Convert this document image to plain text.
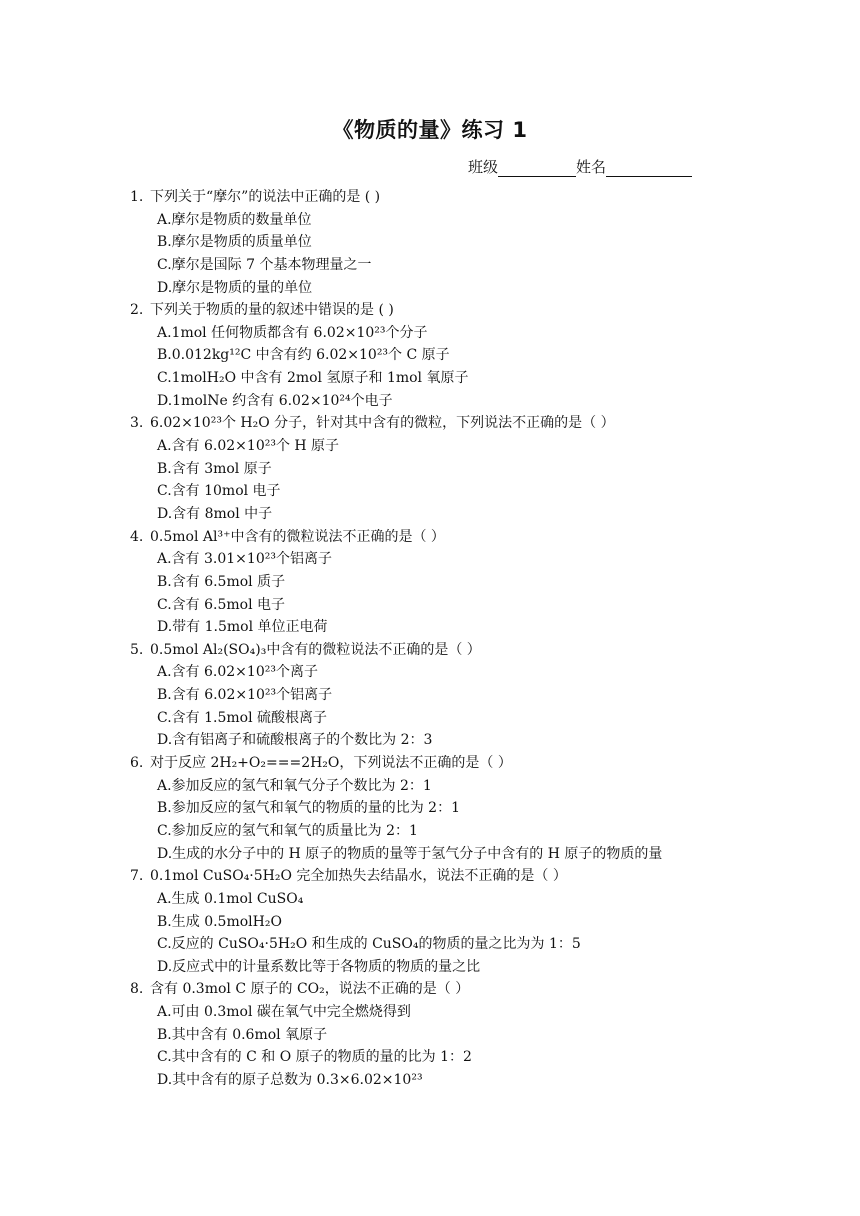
《物质的量》练习 1
班级	姓名
1. 下列关于“摩尔”的说法中正确的是 ( )
A.摩尔是物质的数量单位
B.摩尔是物质的质量单位
C.摩尔是国际 7 个基本物理量之一
D.摩尔是物质的量的单位
2. 下列关于物质的量的叙述中错误的是 ( )
A.1mol 任何物质都含有 6.02×10²³个分子
B.0.012kg¹²C 中含有约 6.02×10²³个 C 原子
C.1molH₂O 中含有 2mol 氢原子和 1mol 氧原子
D.1molNe 约含有 6.02×10²⁴个电子
3. 6.02×10²³个 H₂O 分子，针对其中含有的微粒，下列说法不正确的是（ ）
A.含有 6.02×10²³个 H 原子
B.含有 3mol 原子
C.含有 10mol 电子
D.含有 8mol 中子
4. 0.5mol Al³⁺中含有的微粒说法不正确的是（ ）
A.含有 3.01×10²³个铝离子
B.含有 6.5mol 质子
C.含有 6.5mol 电子
D.带有 1.5mol 单位正电荷
5. 0.5mol Al₂(SO₄)₃中含有的微粒说法不正确的是（ ）
A.含有 6.02×10²³个离子
B.含有 6.02×10²³个铝离子
C.含有 1.5mol 硫酸根离子
D.含有铝离子和硫酸根离子的个数比为 2：3
6. 对于反应 2H₂+O₂===2H₂O，下列说法不正确的是（ ）
A.参加反应的氢气和氧气分子个数比为 2：1
B.参加反应的氢气和氧气的物质的量的比为 2：1
C.参加反应的氢气和氧气的质量比为 2：1
D.生成的水分子中的 H 原子的物质的量等于氢气分子中含有的 H 原子的物质的量
7. 0.1mol CuSO₄·5H₂O 完全加热失去结晶水，说法不正确的是（ ）
A.生成 0.1mol CuSO₄
B.生成 0.5molH₂O
C.反应的 CuSO₄·5H₂O 和生成的 CuSO₄的物质的量之比为为 1：5
D.反应式中的计量系数比等于各物质的物质的量之比
8. 含有 0.3mol C 原子的 CO₂，说法不正确的是（ ）
A.可由 0.3mol 碳在氧气中完全燃烧得到
B.其中含有 0.6mol 氧原子
C.其中含有的 C 和 O 原子的物质的量的比为 1：2
D.其中含有的原子总数为 0.3×6.02×10²³
